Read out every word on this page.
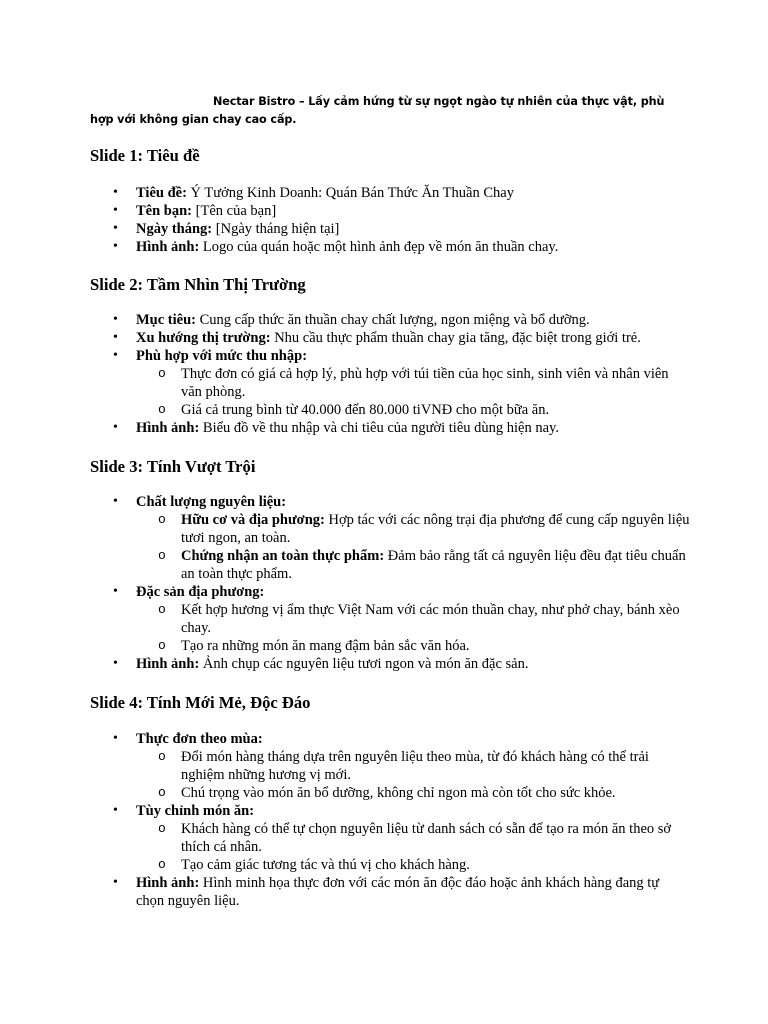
Nectar Bistro – Lấy cảm hứng từ sự ngọt ngào tự nhiên của thực vật, phù hợp với không gian chay cao cấp.
Slide 1: Tiêu đề
• Tiêu đề: Ý Tưởng Kinh Doanh: Quán Bán Thức Ăn Thuần Chay
• Tên bạn: [Tên của bạn]
• Ngày tháng: [Ngày tháng hiện tại]
• Hình ảnh: Logo của quán hoặc một hình ảnh đẹp về món ăn thuần chay.
Slide 2: Tầm Nhìn Thị Trường
• Mục tiêu: Cung cấp thức ăn thuần chay chất lượng, ngon miệng và bổ dưỡng.
• Xu hướng thị trường: Nhu cầu thực phẩm thuần chay gia tăng, đặc biệt trong giới trẻ.
• Phù hợp với mức thu nhập:
o Thực đơn có giá cả hợp lý, phù hợp với túi tiền của học sinh, sinh viên và nhân viên văn phòng.
o Giá cả trung bình từ 40.000 đến 80.000 tiVNĐ cho một bữa ăn.
• Hình ảnh: Biểu đồ về thu nhập và chi tiêu của người tiêu dùng hiện nay.
Slide 3: Tính Vượt Trội
• Chất lượng nguyên liệu:
o Hữu cơ và địa phương: Hợp tác với các nông trại địa phương để cung cấp nguyên liệu tươi ngon, an toàn.
o Chứng nhận an toàn thực phẩm: Đảm bảo rằng tất cả nguyên liệu đều đạt tiêu chuẩn an toàn thực phẩm.
• Đặc sản địa phương:
o Kết hợp hương vị ẩm thực Việt Nam với các món thuần chay, như phở chay, bánh xèo chay.
o Tạo ra những món ăn mang đậm bản sắc văn hóa.
• Hình ảnh: Ảnh chụp các nguyên liệu tươi ngon và món ăn đặc sản.
Slide 4: Tính Mới Mẻ, Độc Đáo
• Thực đơn theo mùa:
o Đổi món hàng tháng dựa trên nguyên liệu theo mùa, từ đó khách hàng có thể trải nghiệm những hương vị mới.
o Chú trọng vào món ăn bổ dưỡng, không chỉ ngon mà còn tốt cho sức khỏe.
• Tùy chỉnh món ăn:
o Khách hàng có thể tự chọn nguyên liệu từ danh sách có sẵn để tạo ra món ăn theo sở thích cá nhân.
o Tạo cảm giác tương tác và thú vị cho khách hàng.
• Hình ảnh: Hình minh họa thực đơn với các món ăn độc đáo hoặc ảnh khách hàng đang tự chọn nguyên liệu.
